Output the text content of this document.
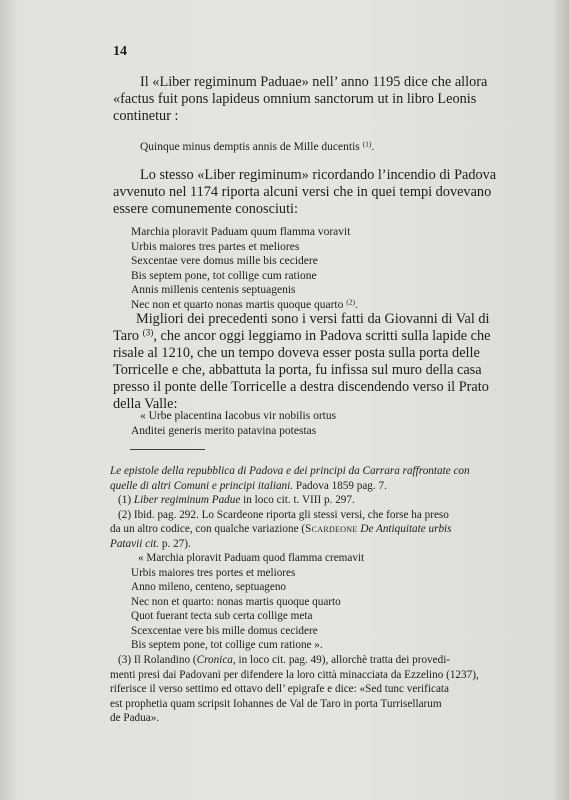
14
Il «Liber regiminum Paduae» nell’ anno 1195 dice che allora
«factus fuit pons lapideus omnium sanctorum ut in libro Leonis
continetur :
Quinque minus demptis annis de Mille ducentis $^{(1)}$.
Lo stesso «Liber regiminum» ricordando l’incendio di Padova
avvenuto nel 1174 riporta alcuni versi che in quei tempi dovevano
essere comunemente conosciuti:
Marchia ploravit Paduam quum flamma voravit
Urbis maiores tres partes et meliores
Sexcentae vere domus mille bis cecidere
Bis septem pone, tot collige cum ratione
Annis millenis centenis septuagenis
Nec non et quarto nonas martis quoque quarto $^{(2)}$.
Migliori dei precedenti sono i versi fatti da Giovanni di Val di
Taro $^{(3)}$, che ancor oggi leggiamo in Padova scritti sulla lapide che
risale al 1210, che un tempo doveva esser posta sulla porta delle
Torricelle e che, abbattuta la porta, fu infissa sul muro della casa
presso il ponte delle Torricelle a destra discendendo verso il Prato
della Valle:
« Urbe placentina Iacobus vir nobilis ortus
Anditei generis merito patavina potestas
Le epistole della repubblica di Padova e dei principi da Carrara raffrontate con
quelle di altri Comuni e principi italiani. Padova 1859 pag. 7.
(1) Liber regiminum Padue in loco cit. t. VIII p. 297.
(2) Ibid. pag. 292. Lo Scardeone riporta gli stessi versi, che forse ha preso
da un altro codice, con qualche variazione (Scardeone De Antiquitate urbis
Patavii cit. p. 27).
« Marchia ploravit Paduam quod flamma cremavit
Urbis maiores tres portes et meliores
Anno mileno, centeno, septuageno
Nec non et quarto: nonas martis quoque quarto
Quot fuerant tecta sub certa collige meta
Scexcentae vere bis mille domus cecidere
Bis septem pone, tot collige cum ratione ».
(3) Il Rolandino (Cronica, in loco cit. pag. 49), allorchè tratta dei provedi-
menti presi dai Padovani per difendere la loro città minacciata da Ezzelino (1237),
riferisce il verso settimo ed ottavo dell’ epigrafe e dice: «Sed tunc verificata
est prophetia quam scripsit Iohannes de Val de Taro in porta Turrisellarum
de Padua».
